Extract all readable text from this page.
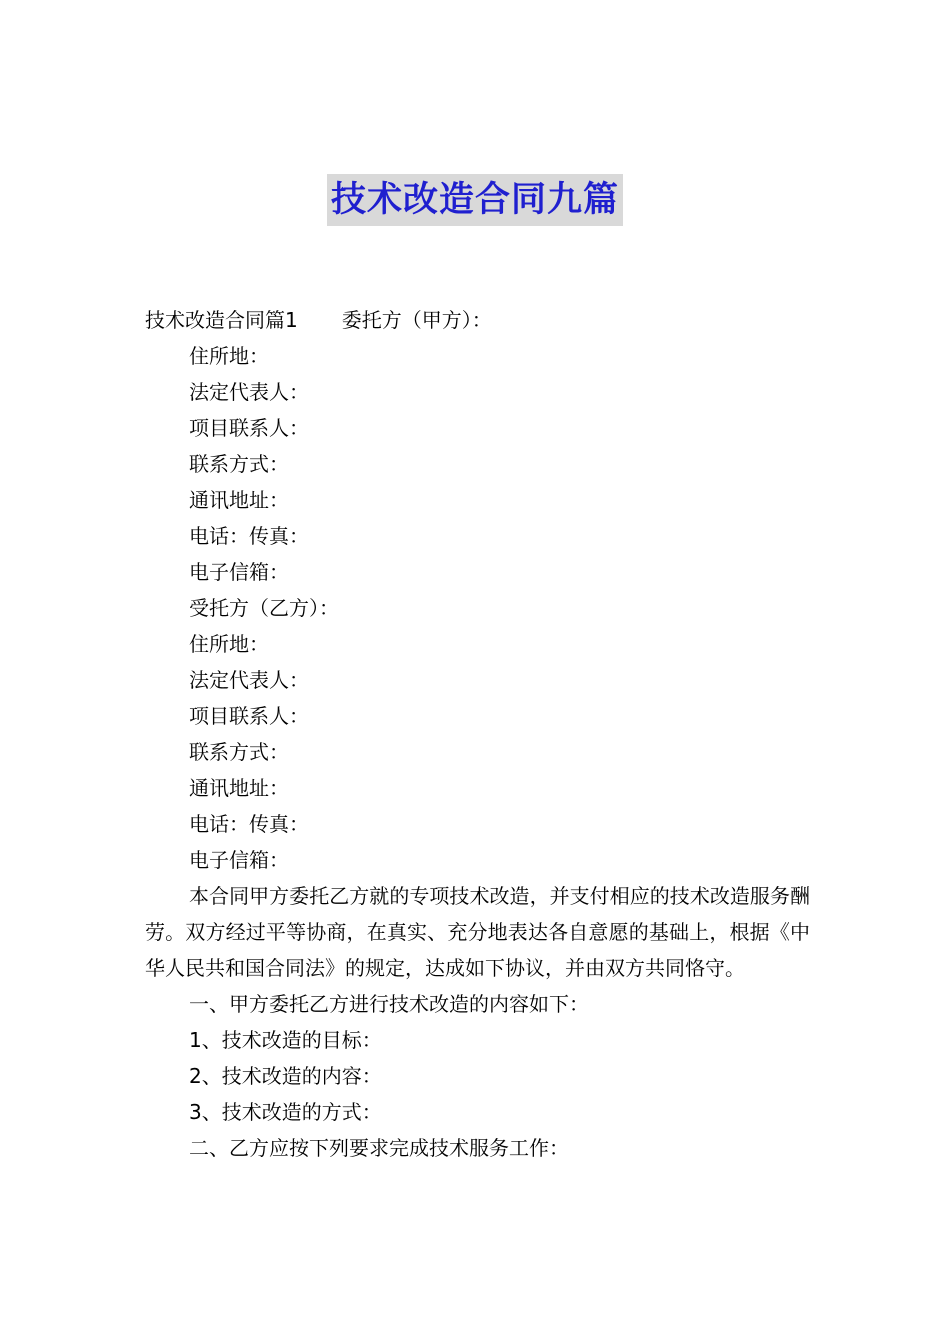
技术改造合同九篇
技术改造合同篇1 委托方（甲方）：
住所地：
法定代表人：
项目联系人：
联系方式：
通讯地址：
电话：传真：
电子信箱：
受托方（乙方）：
住所地：
法定代表人：
项目联系人：
联系方式：
通讯地址：
电话：传真：
电子信箱：
本合同甲方委托乙方就的专项技术改造，并支付相应的技术改造服务酬劳。双方经过平等协商，在真实、充分地表达各自意愿的基础上，根据《中华人民共和国合同法》的规定，达成如下协议，并由双方共同恪守。
一、甲方委托乙方进行技术改造的内容如下：
1、技术改造的目标：
2、技术改造的内容：
3、技术改造的方式：
二、乙方应按下列要求完成技术服务工作：
